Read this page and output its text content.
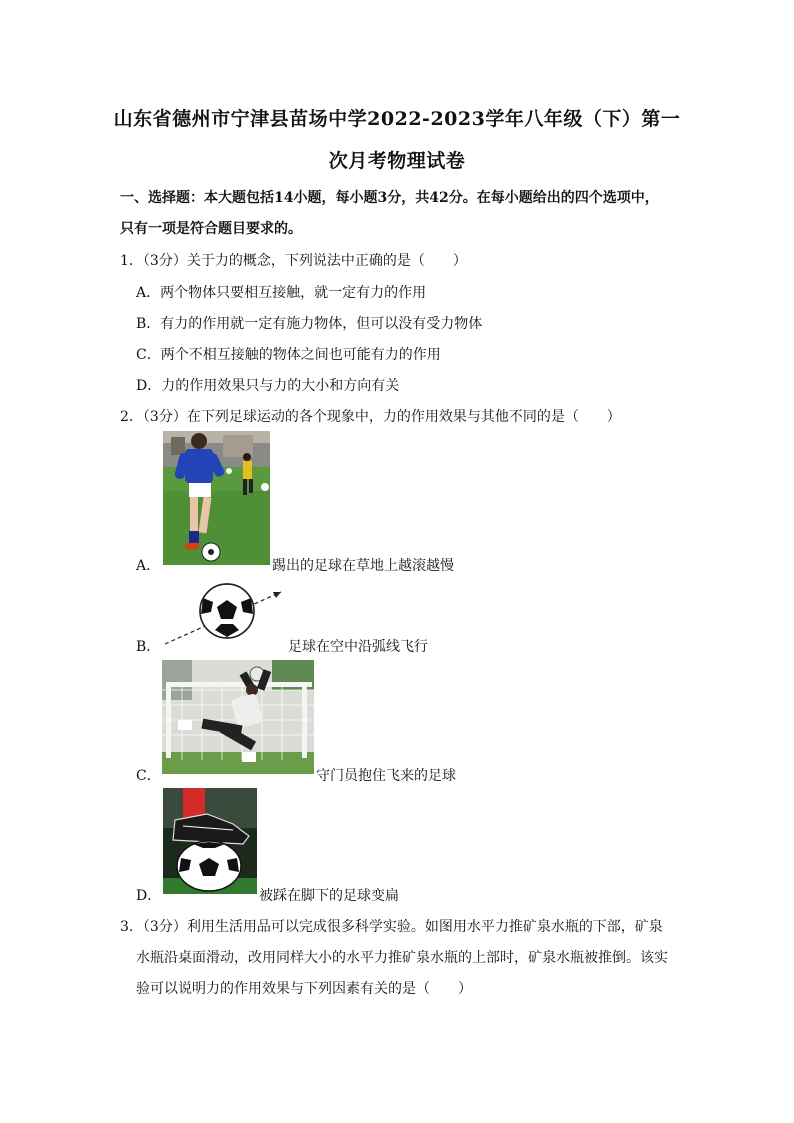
山东省德州市宁津县苗场中学2022-2023学年八年级（下）第一
次月考物理试卷
一、选择题：本大题包括14小题，每小题3分，共42分。在每小题给出的四个选项中，
只有一项是符合题目要求的。
1．（3分）关于力的概念，下列说法中正确的是（　　）
A．两个物体只要相互接触，就一定有力的作用
B．有力的作用就一定有施力物体，但可以没有受力物体
C．两个不相互接触的物体之间也可能有力的作用
D．力的作用效果只与力的大小和方向有关
2．（3分）在下列足球运动的各个现象中，力的作用效果与其他不同的是（　　）
A．	踢出的足球在草地上越滚越慢
B．	足球在空中沿弧线飞行
C．	守门员抱住飞来的足球
D．	被踩在脚下的足球变扁
3．（3分）利用生活用品可以完成很多科学实验。如图用水平力推矿泉水瓶的下部，矿泉
水瓶沿桌面滑动，改用同样大小的水平力推矿泉水瓶的上部时，矿泉水瓶被推倒。该实
验可以说明力的作用效果与下列因素有关的是（　　）
